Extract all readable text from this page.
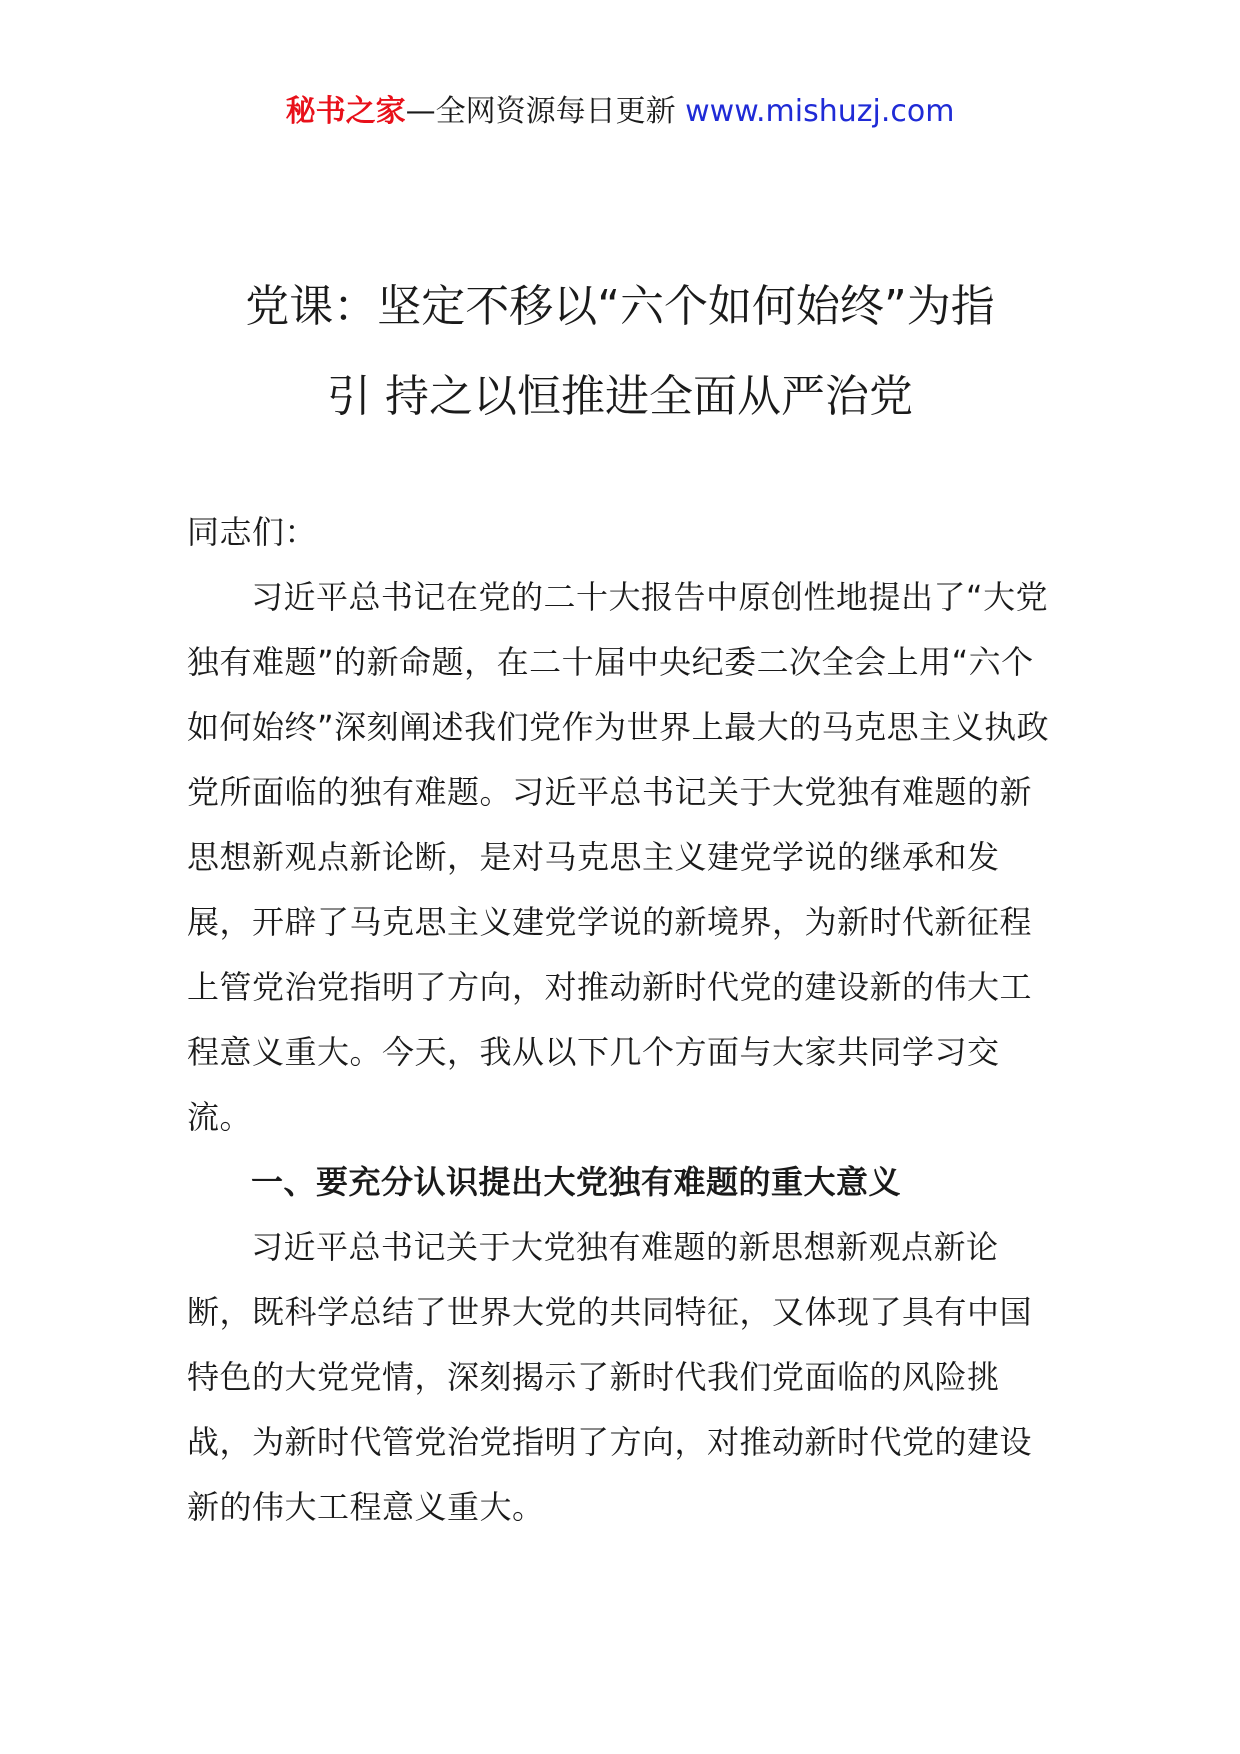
秘书之家—全网资源每日更新 www.mishuzj.com
党课：坚定不移以“六个如何始终”为指
引 持之以恒推进全面从严治党

同志们：

习近平总书记在党的二十大报告中原创性地提出了“大党独有难题”的新命题，在二十届中央纪委二次全会上用“六个如何始终”深刻阐述我们党作为世界上最大的马克思主义执政党所面临的独有难题。习近平总书记关于大党独有难题的新思想新观点新论断，是对马克思主义建党学说的继承和发展，开辟了马克思主义建党学说的新境界，为新时代新征程上管党治党指明了方向，对推动新时代党的建设新的伟大工程意义重大。今天，我从以下几个方面与大家共同学习交流。

一、要充分认识提出大党独有难题的重大意义

习近平总书记关于大党独有难题的新思想新观点新论断，既科学总结了世界大党的共同特征，又体现了具有中国特色的大党党情，深刻揭示了新时代我们党面临的风险挑战，为新时代管党治党指明了方向，对推动新时代党的建设新的伟大工程意义重大。
